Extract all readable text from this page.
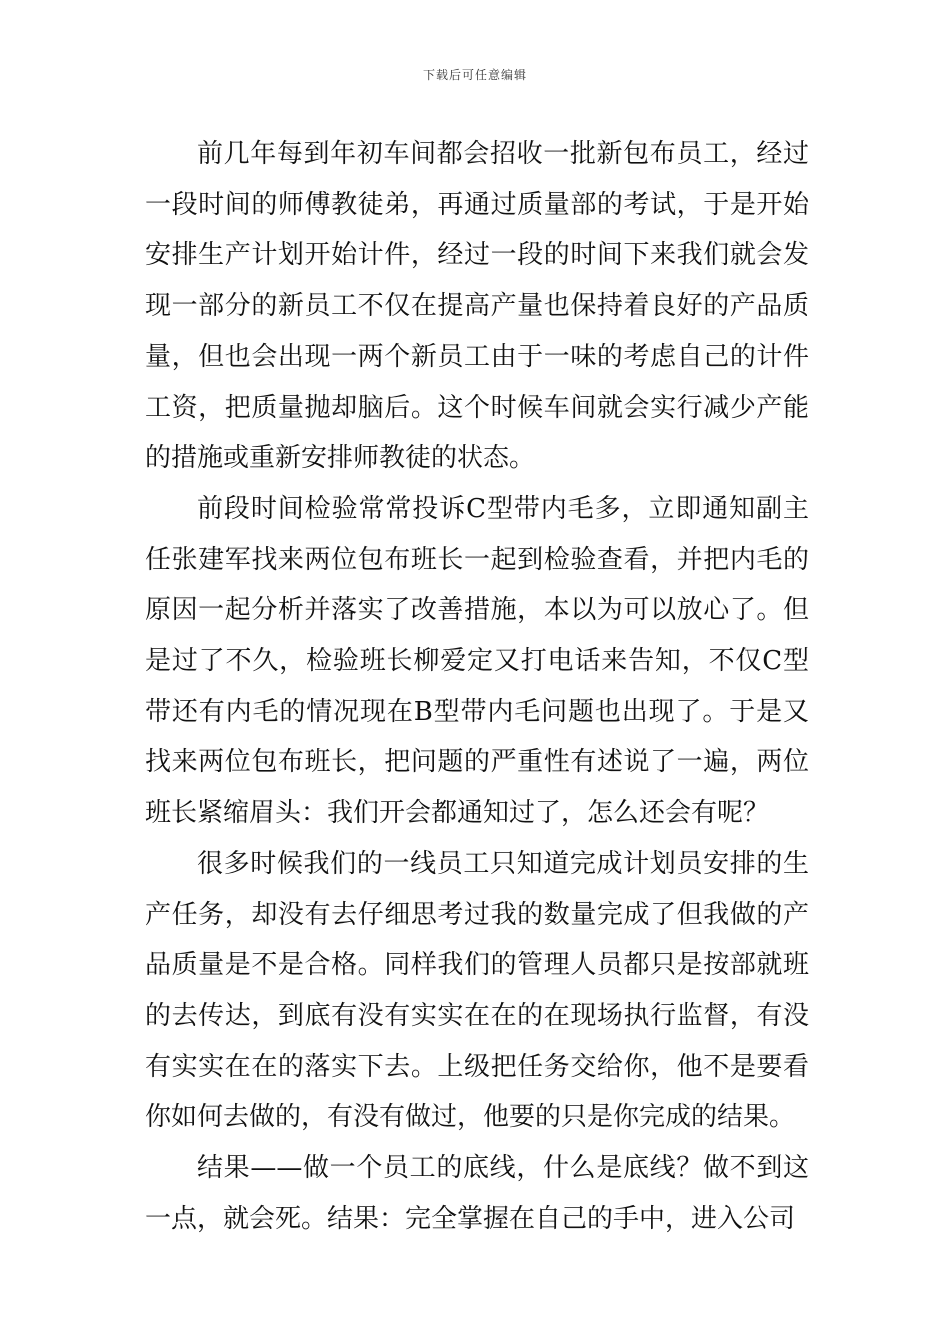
下载后可任意编辑

前几年每到年初车间都会招收一批新包布员工，经过一段时间的师傅教徒弟，再通过质量部的考试，于是开始安排生产计划开始计件，经过一段的时间下来我们就会发现一部分的新员工不仅在提高产量也保持着良好的产品质量，但也会出现一两个新员工由于一味的考虑自己的计件工资，把质量抛却脑后。这个时候车间就会实行减少产能的措施或重新安排师教徒的状态。

前段时间检验常常投诉C型带内毛多，立即通知副主任张建军找来两位包布班长一起到检验查看，并把内毛的原因一起分析并落实了改善措施，本以为可以放心了。但是过了不久，检验班长柳爱定又打电话来告知，不仅C型带还有内毛的情况现在B型带内毛问题也出现了。于是又找来两位包布班长，把问题的严重性有述说了一遍，两位班长紧缩眉头：我们开会都通知过了，怎么还会有呢？

很多时候我们的一线员工只知道完成计划员安排的生产任务，却没有去仔细思考过我的数量完成了但我做的产品质量是不是合格。同样我们的管理人员都只是按部就班的去传达，到底有没有实实在在的在现场执行监督，有没有实实在在的落实下去。上级把任务交给你，他不是要看你如何去做的，有没有做过，他要的只是你完成的结果。

结果——做一个员工的底线，什么是底线？做不到这一点，就会死。结果：完全掌握在自己的手中，进入公司
